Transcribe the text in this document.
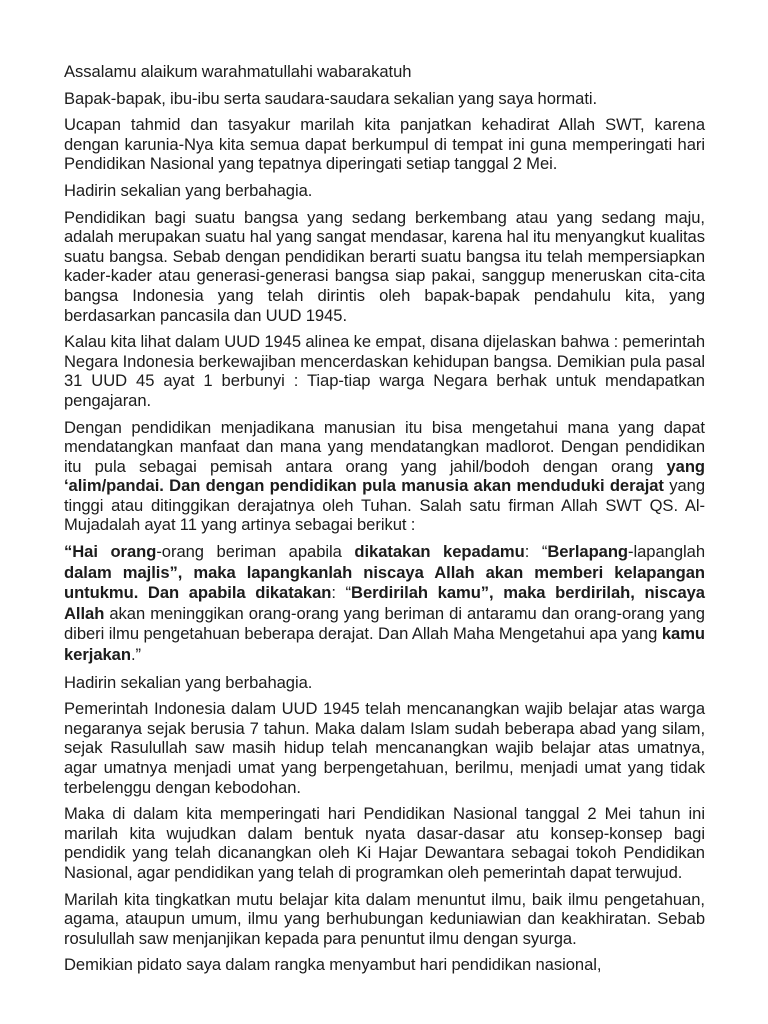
Assalamu alaikum warahmatullahi wabarakatuh

Bapak-bapak, ibu-ibu serta saudara-saudara sekalian yang saya hormati.

Ucapan tahmid dan tasyakur marilah kita panjatkan kehadirat Allah SWT, karena dengan karunia-Nya kita semua dapat berkumpul di tempat ini guna memperingati hari Pendidikan Nasional yang tepatnya diperingati setiap tanggal 2 Mei.

Hadirin sekalian yang berbahagia.

Pendidikan bagi suatu bangsa yang sedang berkembang atau yang sedang maju, adalah merupakan suatu hal yang sangat mendasar, karena hal itu menyangkut kualitas suatu bangsa. Sebab dengan pendidikan berarti suatu bangsa itu telah mempersiapkan kader-kader atau generasi-generasi bangsa siap pakai, sanggup meneruskan cita-cita bangsa Indonesia yang telah dirintis oleh bapak-bapak pendahulu kita, yang berdasarkan pancasila dan UUD 1945.

Kalau kita lihat dalam UUD 1945 alinea ke empat, disana dijelaskan bahwa : pemerintah Negara Indonesia berkewajiban mencerdaskan kehidupan bangsa. Demikian pula pasal 31 UUD 45 ayat 1 berbunyi : Tiap-tiap warga Negara berhak untuk mendapatkan pengajaran.

Dengan pendidikan menjadikana manusian itu bisa mengetahui mana yang dapat mendatangkan manfaat dan mana yang mendatangkan madlorot. Dengan pendidikan itu pula sebagai pemisah antara orang yang jahil/bodoh dengan orang yang ‘alim/pandai. Dan dengan pendidikan pula manusia akan menduduki derajat yang tinggi atau ditinggikan derajatnya oleh Tuhan. Salah satu firman Allah SWT QS. Al-Mujadalah ayat 11 yang artinya sebagai berikut :

“Hai orang-orang beriman apabila dikatakan kepadamu: “Berlapang-lapanglah dalam majlis”, maka lapangkanlah niscaya Allah akan memberi kelapangan untukmu. Dan apabila dikatakan: “Berdirilah kamu”, maka berdirilah, niscaya Allah akan meninggikan orang-orang yang beriman di antaramu dan orang-orang yang diberi ilmu pengetahuan beberapa derajat. Dan Allah Maha Mengetahui apa yang kamu kerjakan.”

Hadirin sekalian yang berbahagia.

Pemerintah Indonesia dalam UUD 1945 telah mencanangkan wajib belajar atas warga negaranya sejak berusia 7 tahun. Maka dalam Islam sudah beberapa abad yang silam, sejak Rasulullah saw masih hidup telah mencanangkan wajib belajar atas umatnya, agar umatnya menjadi umat yang berpengetahuan, berilmu, menjadi umat yang tidak terbelenggu dengan kebodohan.

Maka di dalam kita memperingati hari Pendidikan Nasional tanggal 2 Mei tahun ini marilah kita wujudkan dalam bentuk nyata dasar-dasar atu konsep-konsep bagi pendidik yang telah dicanangkan oleh Ki Hajar Dewantara sebagai tokoh Pendidikan Nasional, agar pendidikan yang telah di programkan oleh pemerintah dapat terwujud.

Marilah kita tingkatkan mutu belajar kita dalam menuntut ilmu, baik ilmu pengetahuan, agama, ataupun umum, ilmu yang berhubungan keduniawian dan keakhiratan. Sebab rosulullah saw menjanjikan kepada para penuntut ilmu dengan syurga.

Demikian pidato saya dalam rangka menyambut hari pendidikan nasional,
